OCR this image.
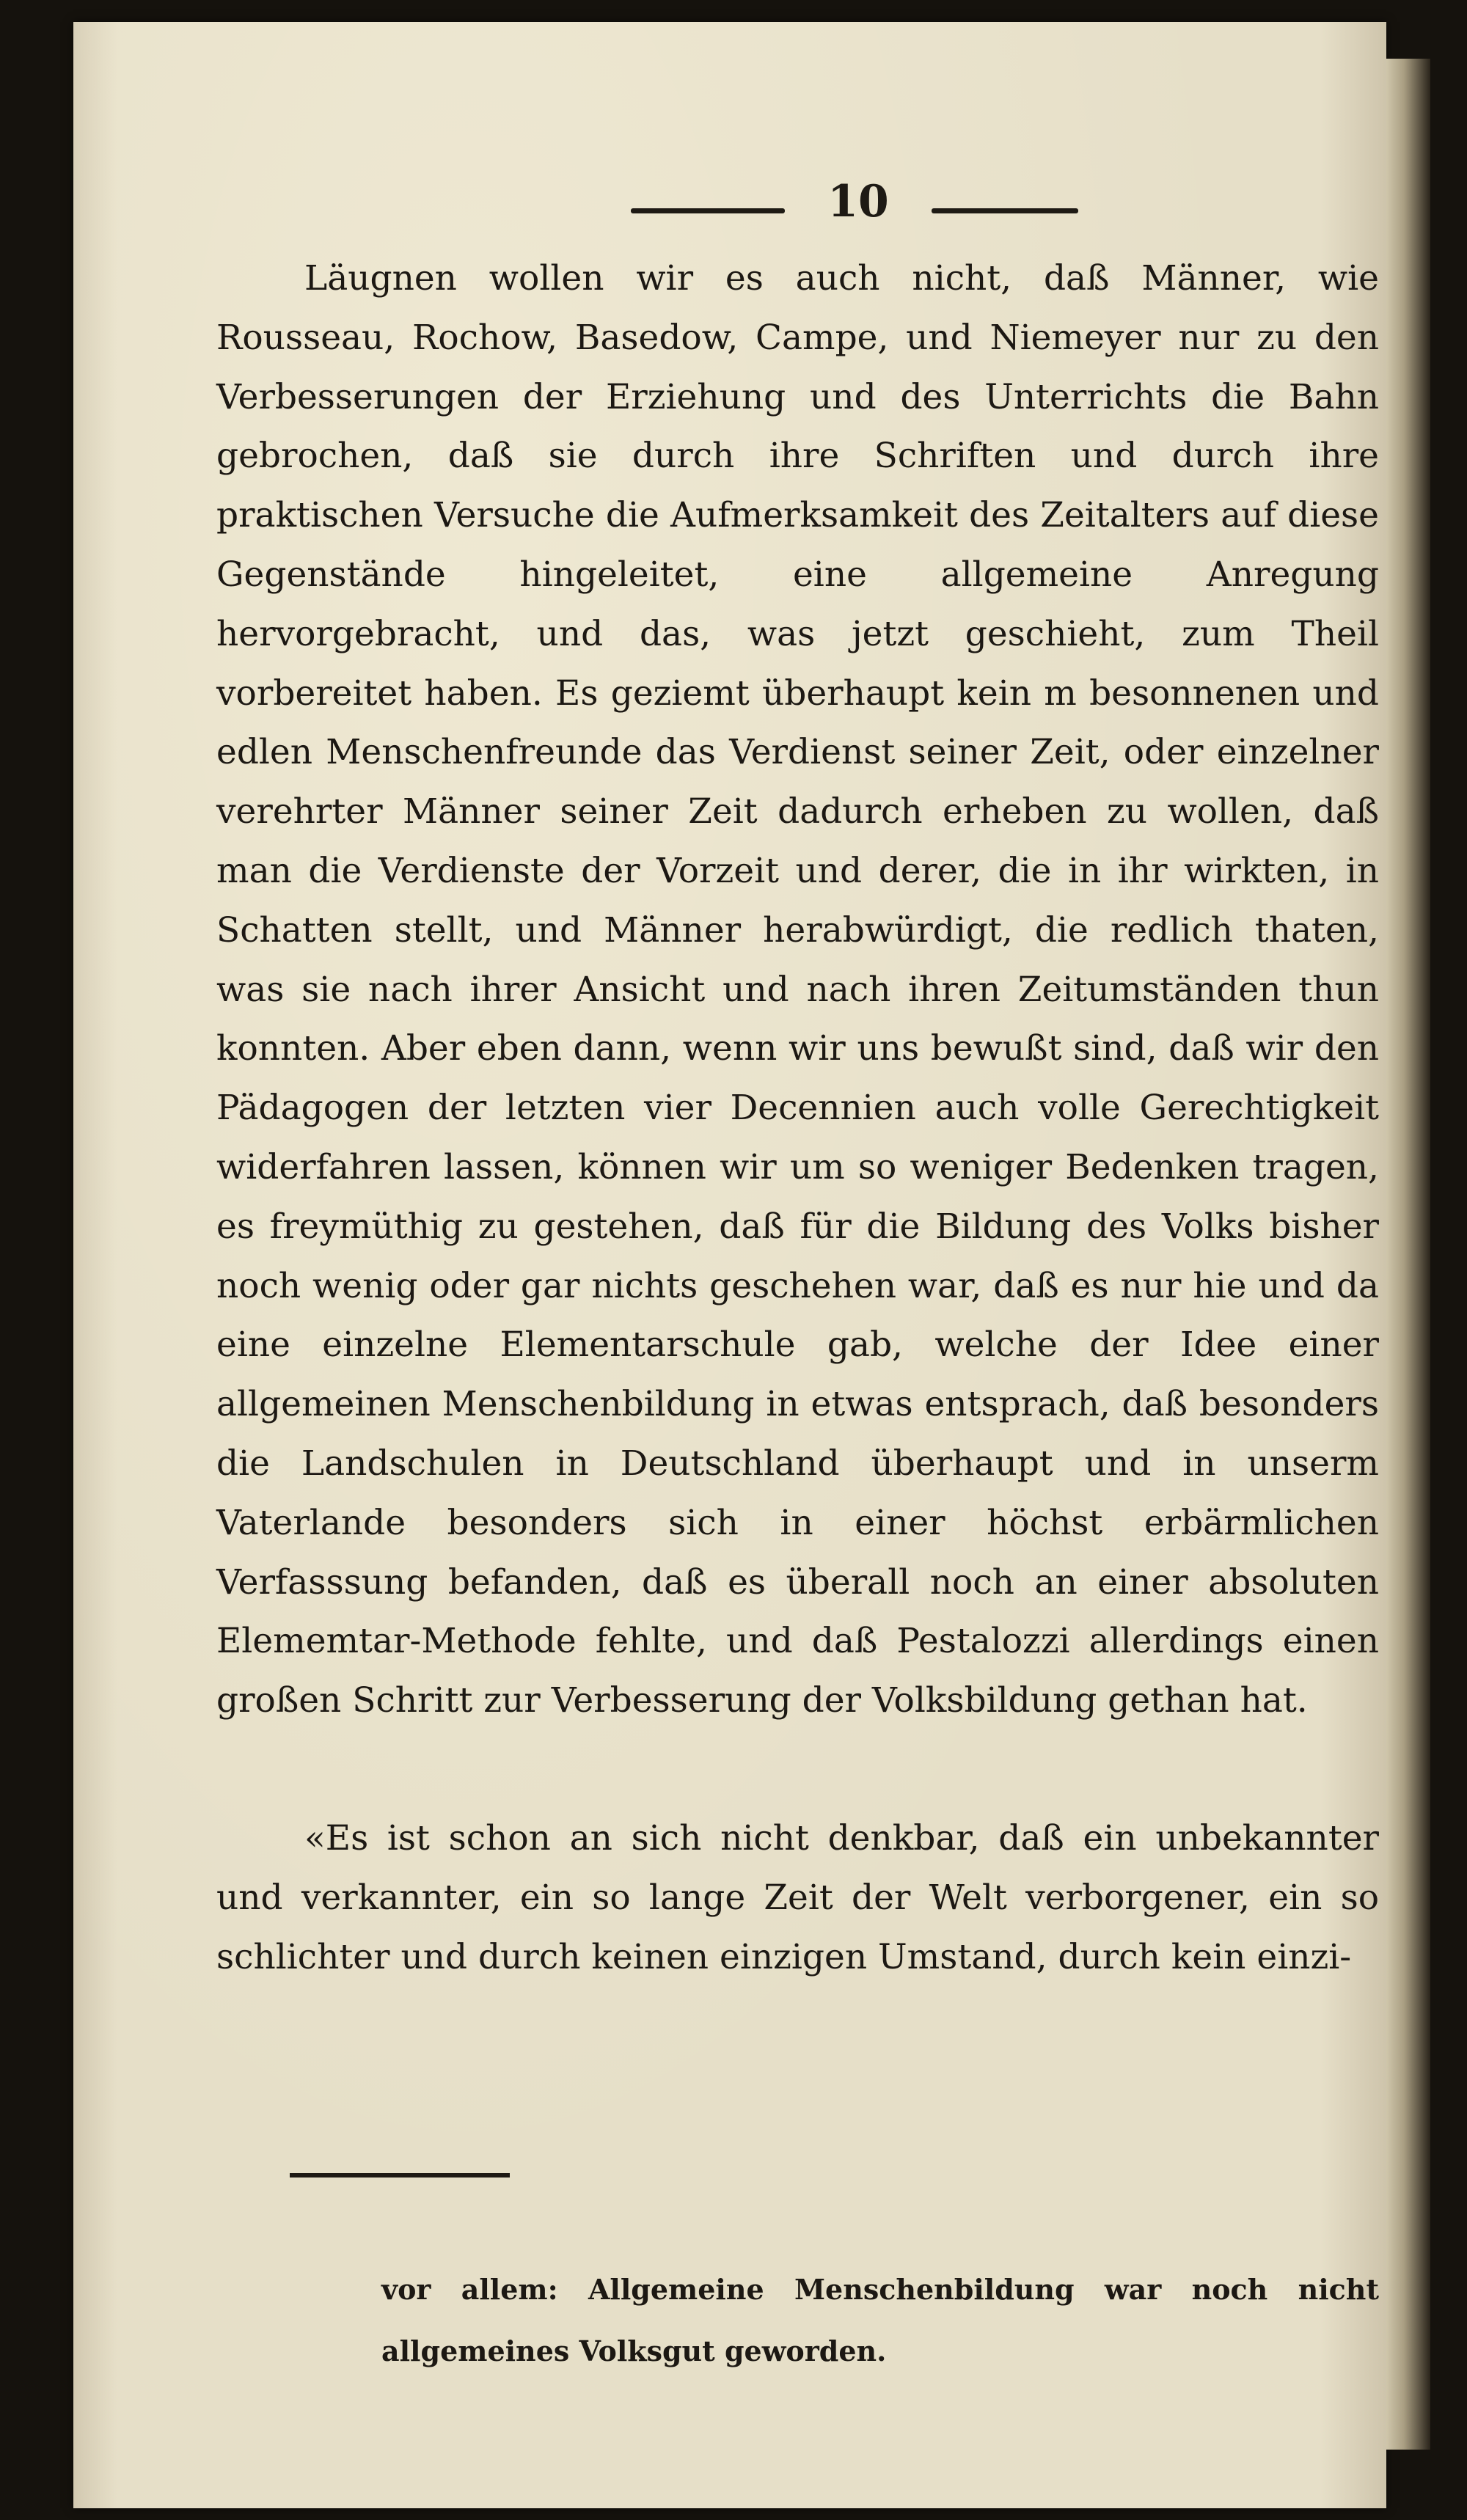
10

Läugnen wollen wir es auch nicht, daß Männer, wie Rousseau, Rochow, Basedow, Campe, und Niemeyer nur zu den Verbesserungen der Erziehung und des Unterrichts die Bahn gebrochen, daß sie durch ihre Schriften und durch ihre praktischen Versuche die Aufmerksamkeit des Zeitalters auf diese Gegenstände hingeleitet, eine allgemeine Anregung hervorgebracht, und das, was jetzt geschieht, zum Theil vorbereitet haben. Es geziemt überhaupt kein m besonnenen und edlen Menschenfreunde das Verdienst seiner Zeit, oder einzelner verehrter Männer seiner Zeit dadurch erheben zu wollen, daß man die Verdienste der Vorzeit und derer, die in ihr wirkten, in Schatten stellt, und Männer herabwürdigt, die redlich thaten, was sie nach ihrer Ansicht und nach ihren Zeitumständen thun konnten. Aber eben dann, wenn wir uns bewußt sind, daß wir den Pädagogen der letzten vier Decennien auch volle Gerechtigkeit widerfahren lassen, können wir um so weniger Bedenken tragen, es freymüthig zu gestehen, daß für die Bildung des Volks bisher noch wenig oder gar nichts geschehen war, daß es nur hie und da eine einzelne Elementarschule gab, welche der Idee einer allgemeinen Menschenbildung in etwas entsprach, daß besonders die Landschulen in Deutschland überhaupt und in unserm Vaterlande besonders sich in einer höchst erbärmlichen Verfasssung befanden, daß es überall noch an einer absoluten Elememtar-Methode fehlte, und daß Pestalozzi allerdings einen großen Schritt zur Verbesserung der Volksbildung gethan hat.

«Es ist schon an sich nicht denkbar, daß ein unbekannter und verkannter, ein so lange Zeit der Welt verborgener, ein so schlichter und durch keinen einzigen Umstand, durch kein einzi-

vor allem: Allgemeine Menschenbildung war noch nicht allgemeines Volksgut geworden.
